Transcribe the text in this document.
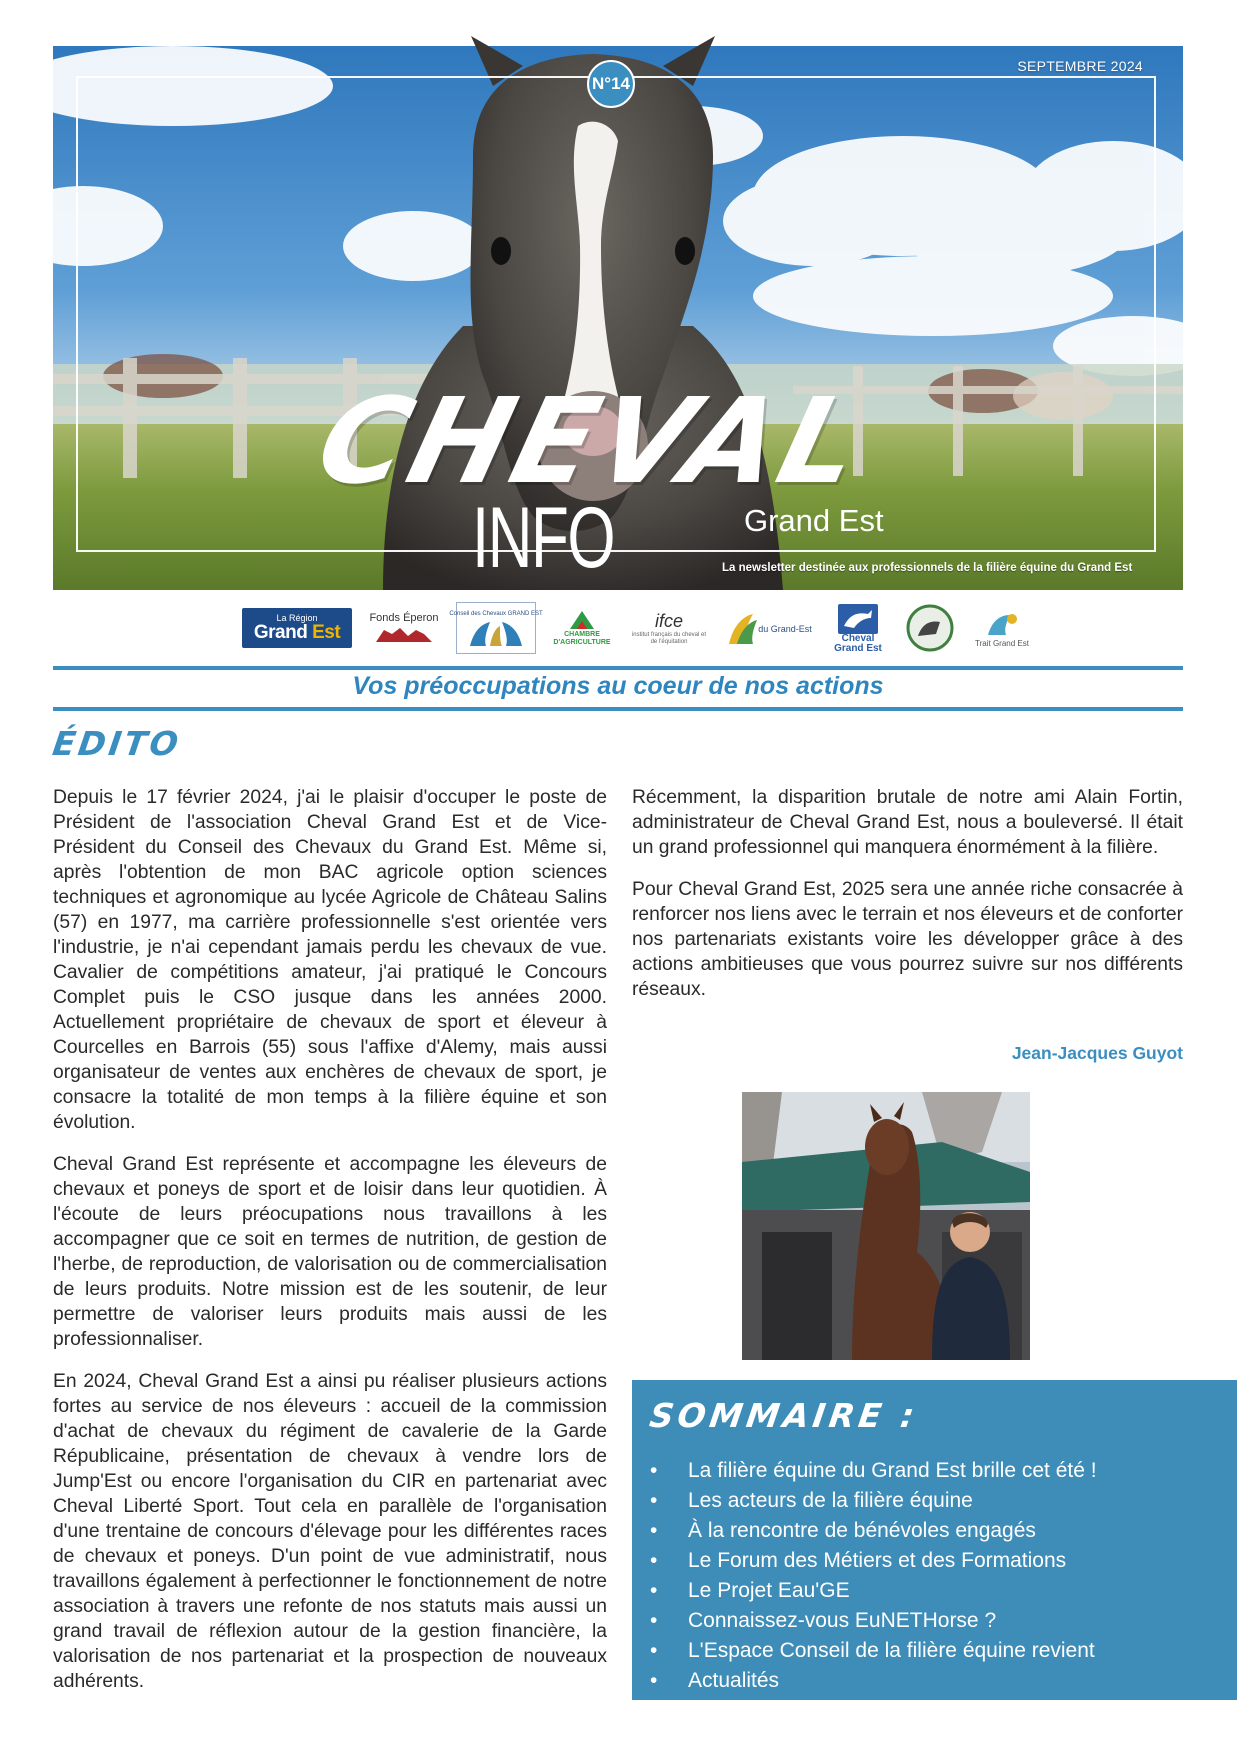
N°14
SEPTEMBRE 2024
CHEVAL
INFO	Grand Est
La newsletter destinée aux professionnels de la filière équine du Grand Est
La Région
Grand Est
Fonds Éperon Conseil des Chevaux GRAND EST
CHAMBRE D'AGRICULTURE
ifce
institut français du cheval et de l'équitation
du Grand-Est
Cheval
Grand Est	Trait Grand Est
Vos préoccupations au coeur de nos actions
ÉDITO

Depuis le 17 février 2024, j'ai le plaisir d'occuper le poste de Président de l'association Cheval Grand Est et de Vice-Président du Conseil des Chevaux du Grand Est. Même si, après l'obtention de mon BAC agricole option sciences techniques et agronomique au lycée Agricole de Château Salins (57) en 1977, ma carrière professionnelle s'est orientée vers l'industrie, je n'ai cependant jamais perdu les chevaux de vue. Cavalier de compétitions amateur, j'ai pratiqué le Concours Complet puis le CSO jusque dans les années 2000. Actuellement propriétaire de chevaux de sport et éleveur à Courcelles en Barrois (55) sous l'affixe d'Alemy, mais aussi organisateur de ventes aux enchères de chevaux de sport, je consacre la totalité de mon temps à la filière équine et son évolution.

Cheval Grand Est représente et accompagne les éleveurs de chevaux et poneys de sport et de loisir dans leur quotidien. À l'écoute de leurs préocupations nous travaillons à les accompagner que ce soit en termes de nutrition, de gestion de l'herbe, de reproduction, de valorisation ou de commercialisation de leurs produits. Notre mission est de les soutenir, de leur permettre de valoriser leurs produits mais aussi de les professionnaliser.

En 2024, Cheval Grand Est a ainsi pu réaliser plusieurs actions fortes au service de nos éleveurs : accueil de la commission d'achat de chevaux du régiment de cavalerie de la Garde Républicaine, présentation de chevaux à vendre lors de Jump'Est ou encore l'organisation du CIR en partenariat avec Cheval Liberté Sport. Tout cela en parallèle de l'organisation d'une trentaine de concours d'élevage pour les différentes races de chevaux et poneys. D'un point de vue administratif, nous travaillons également à perfectionner le fonctionnement de notre association à travers une refonte de nos statuts mais aussi un grand travail de réflexion autour de la gestion financière, la valorisation de nos partenariat et la prospection de nouveaux adhérents.

Récemment, la disparition brutale de notre ami Alain Fortin, administrateur de Cheval Grand Est, nous a bouleversé. Il était un grand professionnel qui manquera énormément à la filière.

Pour Cheval Grand Est, 2025 sera une année riche consacrée à renforcer nos liens avec le terrain et nos éleveurs et de conforter nos partenariats existants voire les développer grâce à des actions ambitieuses que vous pourrez suivre sur nos différents réseaux.

Jean-Jacques Guyot
SOMMAIRE :
• La filière équine du Grand Est brille cet été !
• Les acteurs de la filière équine
• À la rencontre de bénévoles engagés
• Le Forum des Métiers et des Formations
• Le Projet Eau'GE
• Connaissez-vous EuNETHorse ?
• L'Espace Conseil de la filière équine revient
• Actualités
